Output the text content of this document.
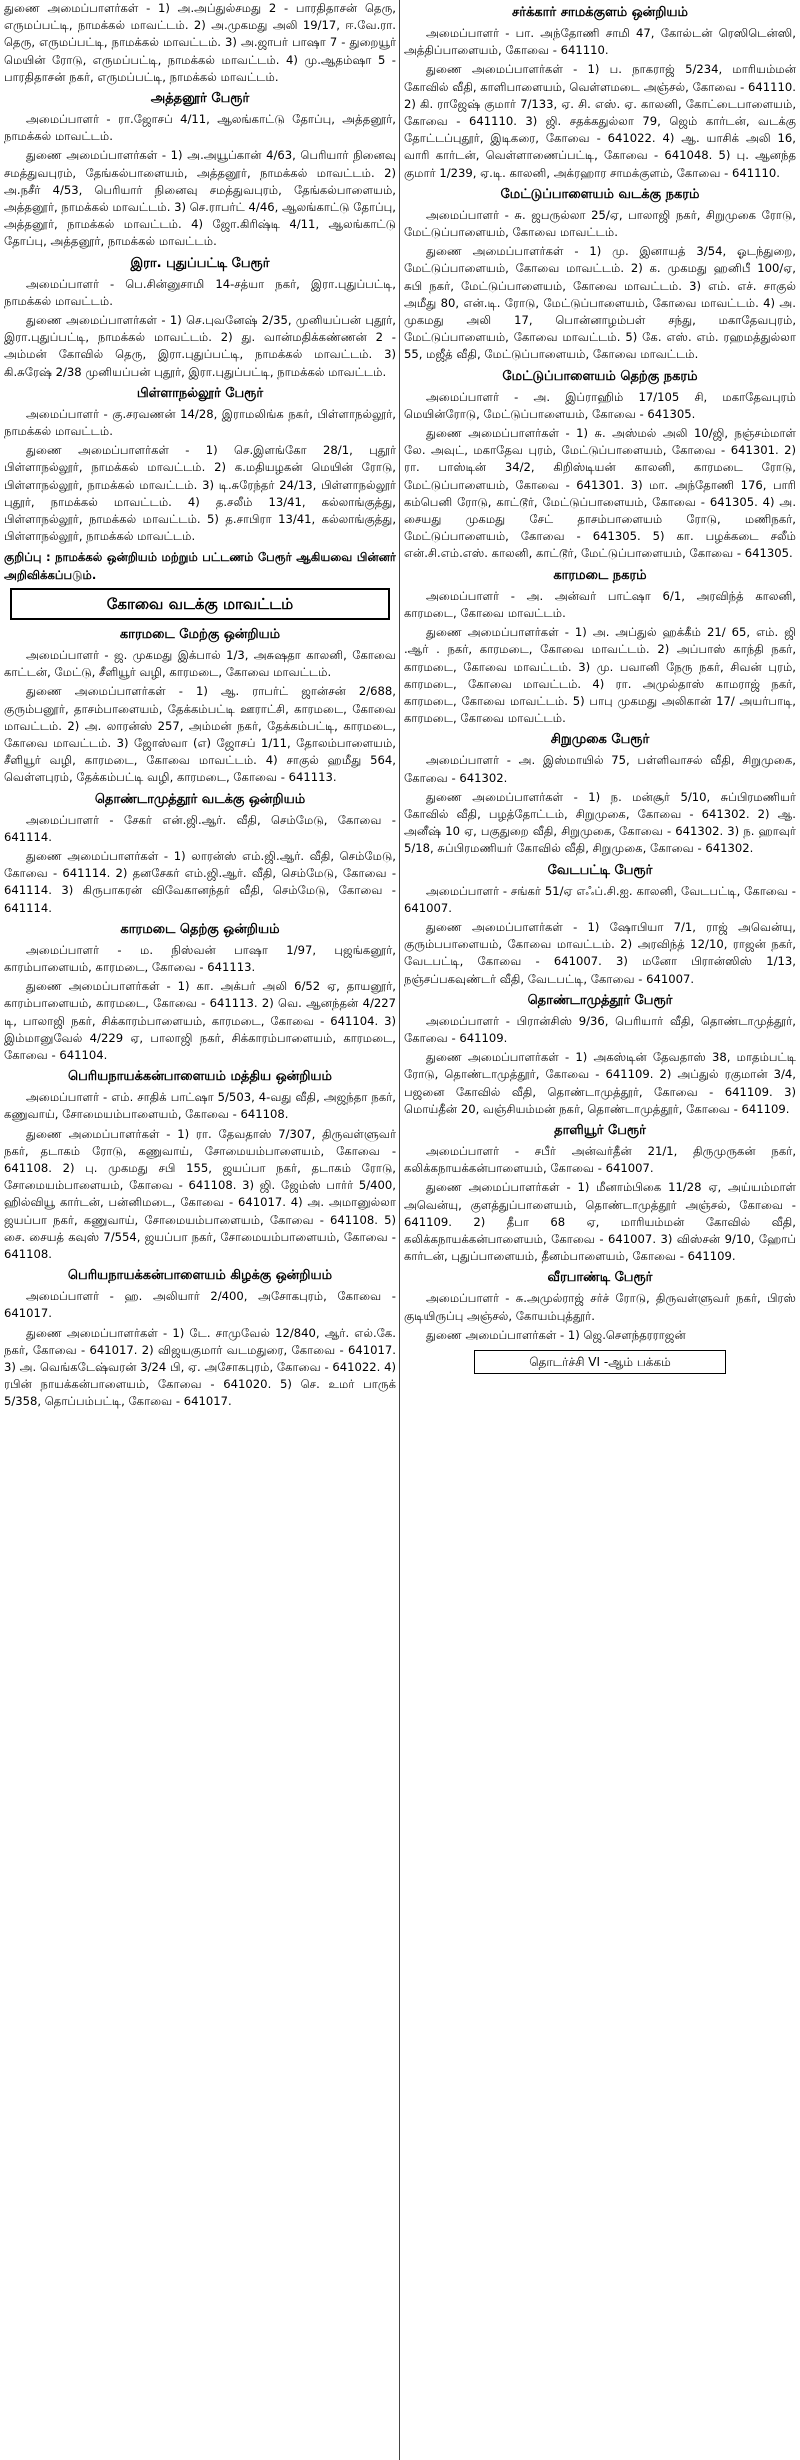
துணை அமைப்பாளர்கள் - 1) அ.அப்துல்சமது 2 - பாரதிதாசன் தெரு, எருமப்பட்டி, நாமக்கல் மாவட்டம். 2) அ.முகமது அலி 19/17, ஈ.வே.ரா. தெரு, எருமப்பட்டி, நாமக்கல் மாவட்டம். 3) அ.ஜாபர் பாஷா 7 - துறையூர் மெயின் ரோடு, எருமப்பட்டி, நாமக்கல் மாவட்டம். 4) மு.ஆதம்ஷா 5 - பாரதிதாசன் நகர், எருமப்பட்டி, நாமக்கல் மாவட்டம்.

அத்தனூர் பேரூர்

அமைப்பாளர் - ரா.ஜோசப் 4/11, ஆலங்காட்டு தோப்பு, அத்தனூர், நாமக்கல் மாவட்டம்.

துணை அமைப்பாளர்கள் - 1) அ.அயூப்கான் 4/63, பெரியார் நினைவு சமத்துவபுரம், தேங்கல்பாளையம், அத்தனூர், நாமக்கல் மாவட்டம். 2) அ.நசீர் 4/53, பெரியார் நினைவு சமத்துவபுரம், தேங்கல்பாளையம், அத்தனூர், நாமக்கல் மாவட்டம். 3) செ.ராபர்ட் 4/46, ஆலங்காட்டு தோப்பு, அத்தனூர், நாமக்கல் மாவட்டம். 4) ஜோ.கிரிஷ்டி 4/11, ஆலங்காட்டு தோப்பு, அத்தனூர், நாமக்கல் மாவட்டம்.

இரா. புதுப்பட்டி பேரூர்

அமைப்பாளர் - பெ.சின்னுசாமி 14-சத்யா நகர், இரா.புதுப்பட்டி, நாமக்கல் மாவட்டம்.

துணை அமைப்பாளர்கள் - 1) செ.புவனேஷ் 2/35, முனியப்பன் புதூர், இரா.புதுப்பட்டி, நாமக்கல் மாவட்டம். 2) து. வான்மதிக்கண்ணன் 2 - அம்மன் கோவில் தெரு, இரா.புதுப்பட்டி, நாமக்கல் மாவட்டம். 3) கி.சுரேஷ் 2/38 முனியப்பன் புதூர், இரா.புதுப்பட்டி, நாமக்கல் மாவட்டம்.

பிள்ளாநல்லூர் பேரூர்

அமைப்பாளர் - கு.சரவணன் 14/28, இராமலிங்க நகர், பிள்ளாநல்லூர், நாமக்கல் மாவட்டம்.

துணை அமைப்பாளர்கள் - 1) செ.இளங்கோ 28/1, புதூர் பிள்ளாநல்லூர், நாமக்கல் மாவட்டம். 2) க.மதியழகன் மெயின் ரோடு, பிள்ளாநல்லூர், நாமக்கல் மாவட்டம். 3) டி.சுரேந்தர் 24/13, பிள்ளாநல்லூர் புதூர், நாமக்கல் மாவட்டம். 4) த.சலீம் 13/41, கல்லாங்குத்து, பிள்ளாநல்லூர், நாமக்கல் மாவட்டம். 5) த.சாபிரா 13/41, கல்லாங்குத்து, பிள்ளாநல்லூர், நாமக்கல் மாவட்டம்.

குறிப்பு : நாமக்கல் ஒன்றியம் மற்றும் பட்டணம் பேரூர் ஆகியவை பின்னர் அறிவிக்கப்படும்.

கோவை வடக்கு மாவட்டம்
காரமடை மேற்கு ஒன்றியம்

அமைப்பாளர் - ஜ. முகமது இக்பால் 1/3, அசுஷதா காலனி, கோவை காட்டன், மேட்டு, சீளியூர் வழி, காரமடை, கோவை மாவட்டம்.

துணை அமைப்பாளர்கள் - 1) ஆ. ராபர்ட் ஜான்சன் 2/688, குரும்பனூர், தாசம்பாளையம், தேக்கம்பட்டி ஊராட்சி, காரமடை, கோவை மாவட்டம். 2) அ. லாரன்ஸ் 257, அம்மன் நகர், தேக்கம்பட்டி, காரமடை, கோவை மாவட்டம். 3) ஜோஸ்வா (எ) ஜோசப் 1/11, தோலம்பாளையம், சீளியூர் வழி, காரமடை, கோவை மாவட்டம். 4) சாகுல் ஹமீது 564, வெள்ளபுரம், தேக்கம்பட்டி வழி, காரமடை, கோவை - 641113.

தொண்டாமுத்தூர் வடக்கு ஒன்றியம்

அமைப்பாளர் - சேகர் என்.ஜி.ஆர். வீதி, செம்மேடு, கோவை - 641114.

துணை அமைப்பாளர்கள் - 1) லாரன்ஸ் எம்.ஜி.ஆர். வீதி, செம்மேடு, கோவை - 641114. 2) தனசேகர் எம்.ஜி.ஆர். வீதி, செம்மேடு, கோவை - 641114. 3) கிருபாகரன் விவேகானந்தர் வீதி, செம்மேடு, கோவை - 641114.

காரமடை தெற்கு ஒன்றியம்

அமைப்பாளர் - ம. நிஸ்வன் பாஷா 1/97, புஜங்கனூர், காரம்பாளையம், காரமடை, கோவை - 641113.

துணை அமைப்பாளர்கள் - 1) கா. அக்பர் அலி 6/52 ஏ, தாயனூர், காரம்பாளையம், காரமடை, கோவை - 641113. 2) வெ. ஆனந்தன் 4/227 டி, பாலாஜி நகர், சிக்காரம்பாளையம், காரமடை, கோவை - 641104. 3) இம்மானுவேல் 4/229 ஏ, பாலாஜி நகர், சிக்காரம்பாளையம், காரமடை, கோவை - 641104.

பெரியநாயக்கன்பாளையம் மத்திய ஒன்றியம்

அமைப்பாளர் - எம். சாதிக் பாட்ஷா 5/503, 4-வது வீதி, அஜந்தா நகர், கணுவாய், சோமையம்பாளையம், கோவை - 641108.

துணை அமைப்பாளர்கள் - 1) ரா. தேவதாஸ் 7/307, திருவள்ளுவர் நகர், தடாகம் ரோடு, கணுவாய், சோமையம்பாளையம், கோவை - 641108. 2) பு. முகமது சபி 155, ஜயப்பா நகர், தடாகம் ரோடு, சோமையம்பாளையம், கோவை - 641108. 3) ஜி. ஜேம்ஸ் பார்ர் 5/400, ஹில்வியூ கார்டன், பன்னிமடை, கோவை - 641017. 4) அ. அமானுல்லா ஜயப்பா நகர், கணுவாய், சோமையம்பாளையம், கோவை - 641108. 5) சை. சையத் கவுஸ் 7/554, ஜயப்பா நகர், சோமையம்பாளையம், கோவை - 641108.

பெரியநாயக்கன்பாளையம் கிழக்கு ஒன்றியம்

அமைப்பாளர் - ஹ. அலியார் 2/400, அசோகபுரம், கோவை - 641017.

துணை அமைப்பாளர்கள் - 1) டே. சாமுவேல் 12/840, ஆர். எல்.கே. நகர், கோவை - 641017. 2) விஜயகுமார் வடமதுரை, கோவை - 641017. 3) அ. வெங்கடேஷ்வரன் 3/24 பி, ஏ. அசோகபுரம், கோவை - 641022. 4) ரபின் நாயக்கன்பாளையம், கோவை - 641020. 5) செ. உமர் பாருக் 5/358, தொப்பம்பட்டி, கோவை - 641017.

சர்க்கார் சாமக்குளம் ஒன்றியம்

அமைப்பாளர் - பா. அந்தோணி சாமி 47, கோல்டன் ரெஸிடென்ஸி, அத்திப்பாளையம், கோவை - 641110.

துணை அமைப்பாளர்கள் - 1) ப. நாகராஜ் 5/234, மாரியம்மன் கோவில் வீதி, காளிபாளையம், வெள்ளமடை அஞ்சல், கோவை - 641110. 2) கி. ராஜேஷ் குமார் 7/133, ஏ. சி. எஸ். ஏ. காலனி, கோட்டைபாளையம், கோவை - 641110. 3) ஜி. சதக்கதுல்லா 79, ஜெம் கார்டன், வடக்கு தோட்டப்புதூர், இடிகரை, கோவை - 641022. 4) ஆ. யாசிக் அலி 16, வாரி கார்டன், வெள்ளாணைப்பட்டி, கோவை - 641048. 5) பு. ஆனந்த குமார் 1/239, ஏ.டி. காலனி, அக்ரஹார சாமக்குளம், கோவை - 641110.

மேட்டுப்பாளையம் வடக்கு நகரம்

அமைப்பாளர் - சு. ஜபருல்லா 25/ஏ, பாலாஜி நகர், சிறுமுகை ரோடு, மேட்டுப்பாளையம், கோவை மாவட்டம்.

துணை அமைப்பாளர்கள் - 1) மு. இனாயத் 3/54, ஓடந்துறை, மேட்டுப்பாளையம், கோவை மாவட்டம். 2) க. முகமது ஹனிபீ 100/ஏ, சுபி நகர், மேட்டுப்பாளையம், கோவை மாவட்டம். 3) எம். எச். சாகுல் அமீது 80, என்.டி. ரோடு, மேட்டுப்பாளையம், கோவை மாவட்டம். 4) அ. முகமது அலி 17, பொன்னாழம்பள் சந்து, மகாதேவபுரம், மேட்டுப்பாளையம், கோவை மாவட்டம். 5) கே. எஸ். எம். ரஹமத்துல்லா 55, மஜீத் வீதி, மேட்டுப்பாளையம், கோவை மாவட்டம்.

மேட்டுப்பாளையம் தெற்கு நகரம்

அமைப்பாளர் - அ. இப்ராஹிம் 17/105 சி, மகாதேவபுரம் மெயின்ரோடு, மேட்டுப்பாளையம், கோவை - 641305.

துணை அமைப்பாளர்கள் - 1) சு. அஸ்மல் அலி 10/ஜி, நஞ்சம்மாள் லே. அவுட், மகாதேவ புரம், மேட்டுப்பாளையம், கோவை - 641301. 2) ரா. பாஸ்டின் 34/2, கிறிஸ்டியன் காலனி, காரமடை ரோடு, மேட்டுப்பாளையம், கோவை - 641301. 3) மா. அந்தோணி 176, பாரி கம்பெனி ரோடு, காட்டூர், மேட்டுப்பாளையம், கோவை - 641305. 4) அ. சையது முகமது சேட் தாசம்பாளையம் ரோடு, மணிநகர், மேட்டுப்பாளையம், கோவை - 641305. 5) கா. பழக்கடை சலீம் என்.சி.எம்.எஸ். காலனி, காட்டூர், மேட்டுப்பாளையம், கோவை - 641305.

காரமடை நகரம்

அமைப்பாளர் - அ. அன்வர் பாட்ஷா 6/1, அரவிந்த் காலனி, காரமடை, கோவை மாவட்டம்.

துணை அமைப்பாளர்கள் - 1) அ. அப்துல் ஹக்கீம் 21/ 65, எம். ஜி .ஆர் . நகர், காரமடை, கோவை மாவட்டம். 2) அப்பாஸ் காந்தி நகர், காரமடை, கோவை மாவட்டம். 3) மு. பவானி நேரு நகர், சிவன் புரம், காரமடை, கோவை மாவட்டம். 4) ரா. அமுல்தாஸ் காமராஜ் நகர், காரமடை, கோவை மாவட்டம். 5) பாபு முகமது அலிகான் 17/ அயர்பாடி, காரமடை, கோவை மாவட்டம்.

சிறுமுகை பேரூர்

அமைப்பாளர் - அ. இஸ்மாயில் 75, பள்ளிவாசல் வீதி, சிறுமுகை, கோவை - 641302.

துணை அமைப்பாளர்கள் - 1) ந. மன்சூர் 5/10, சுப்பிரமணியர் கோவில் வீதி, பழத்தோட்டம், சிறுமுகை, கோவை - 641302. 2) ஆ. அனீஷ் 10 ஏ, பகுதுறை வீதி, சிறுமுகை, கோவை - 641302. 3) ந. ஹாவுர் 5/18, சுப்பிரமணியர் கோவில் வீதி, சிறுமுகை, கோவை - 641302.

வேடபட்டி பேரூர்

அமைப்பாளர் - சங்கர் 51/ஏ எஃப்.சி.ஐ. காலனி, வேடபட்டி, கோவை - 641007.

துணை அமைப்பாளர்கள் - 1) ஷோபியா 7/1, ராஜ் அவென்யு, குரும்பபாளையம், கோவை மாவட்டம். 2) அரவிந்த் 12/10, ராஜன் நகர், வேடபட்டி, கோவை - 641007. 3) மனோ பிரான்ஸிஸ் 1/13, நஞ்சப்பகவுண்டர் வீதி, வேடபட்டி, கோவை - 641007.

தொண்டாமுத்தூர் பேரூர்

அமைப்பாளர் - பிரான்சிஸ் 9/36, பெரியார் வீதி, தொண்டாமுத்தூர், கோவை - 641109.

துணை அமைப்பாளர்கள் - 1) அகஸ்டின் தேவதாஸ் 38, மாதம்பட்டி ரோடு, தொண்டாமுத்தூர், கோவை - 641109. 2) அப்துல் ரகுமான் 3/4, பஜனை கோவில் வீதி, தொண்டாமுத்தூர், கோவை - 641109. 3) மொய்தீன் 20, வஞ்சியம்மன் நகர், தொண்டாமுத்தூர், கோவை - 641109.

தாளியூர் பேரூர்

அமைப்பாளர் - சபீர் அன்வர்தீன் 21/1, திருமுருகன் நகர், கலிக்கநாயக்கன்பாளையம், கோவை - 641007.

துணை அமைப்பாளர்கள் - 1) மீனாம்பிகை 11/28 ஏ, அய்யம்மாள் அவென்யு, குளத்துப்பாளையம், தொண்டாமுத்தூர் அஞ்சல், கோவை - 641109. 2) தீபா 68 ஏ, மாரியம்மன் கோவில் வீதி, கலிக்கநாயக்கன்பாளையம், கோவை - 641007. 3) விஸ்சன் 9/10, ஹோப் கார்டன், புதுப்பாளையம், தீனம்பாளையம், கோவை - 641109.

வீரபாண்டி பேரூர்

அமைப்பாளர் - சு.அமுல்ராஜ் சர்ச் ரோடு, திருவள்ளுவர் நகர், பிரஸ் குடியிருப்பு அஞ்சல், கோயம்புத்தூர்.

துணை அமைப்பாளர்கள் - 1) ஜெ.சௌந்தரராஜன்

தொடர்ச்சி VI -ஆம் பக்கம்
